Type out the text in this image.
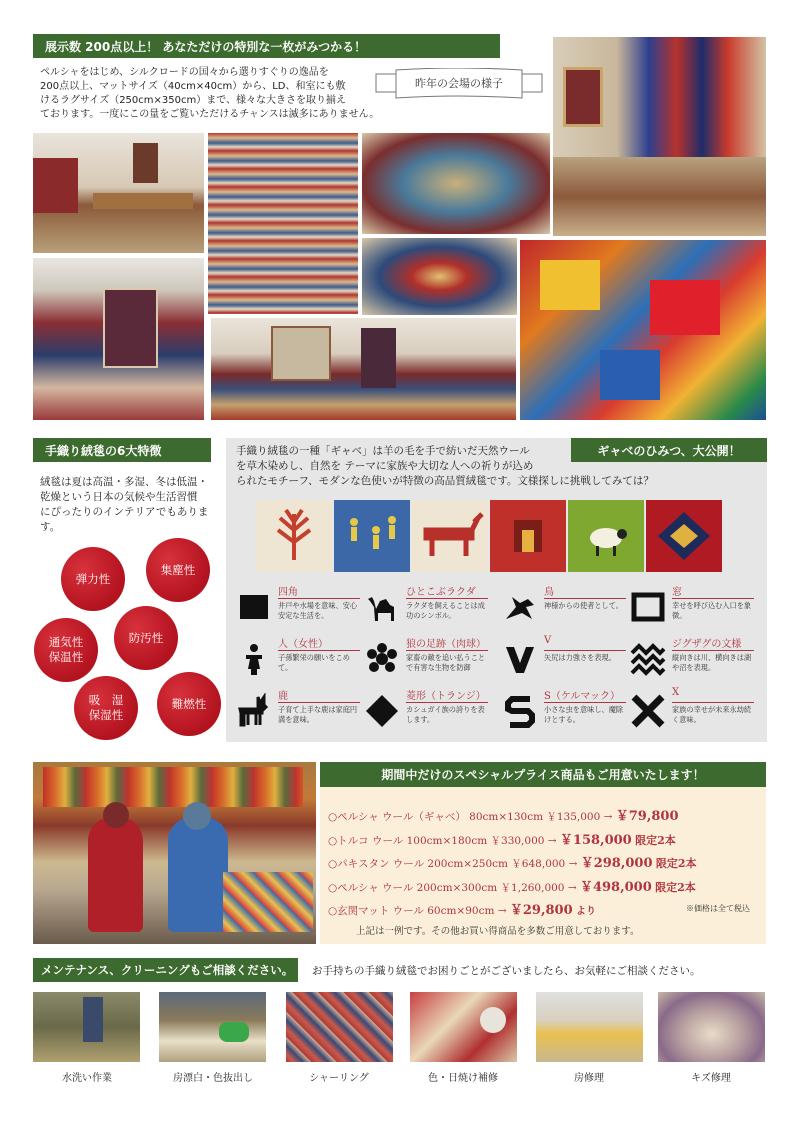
展示数 200点以上！ あなただけの特別な一枚がみつかる！
ペルシャをはじめ、シルクロードの国々から選りすぐりの逸品を
200点以上、マットサイズ（40cm×40cm）から、LD、和室にも敷
けるラグサイズ（250cm×350cm）まで、様々な大きさを取り揃え
ております。一度にこの量をご覧いただけるチャンスは滅多にありません。
昨年の会場の様子
手織り絨毯の6大特徴
絨毯は夏は高温・多湿、冬は低温・
乾燥という日本の気候や生活習慣
にぴったりのインテリアでもあります。
弾力性
集塵性
防汚性
通気性
保温性
吸　湿
保湿性
難燃性
手織り絨毯の一種「ギャベ」は羊の毛を手で紡いだ天然ウール
を草木染めし、自然を テーマに家族や大切な人への祈りが込め
られたモチーフ、モダンな色使いが特徴の高品質絨毯です。文様探しに挑戦してみては？
四角
井戸や水場を意味、安心安定な生活を。
ひとこぶラクダ
ラクダを飼えることは成功のシンボル。
鳥
神様からの使者として。
窓
幸せを呼び込む入口を象徴。
人（女性）
子孫繁栄の願いをこめて。
狼の足跡（肉球）
家畜の敵を追い払うことで有害な生物を防御
V
矢尻は力強さを表現。
ジグザグの文様
縦向きは川、横向きは湖や沼を表現。
鹿
子育て上手な鹿は家庭円満を意味。
菱形（トランジ）
カシュガイ族の誇りを表します。
S（ケルマック）
小さな虫を意味し、魔除けとする。
X
家族の幸せが未来永劫続く意味。
ギャベのひみつ、大公開！
期間中だけのスペシャルプライス商品もご用意いたします！
○ペルシャ ウール（ギャベ） 80cm×130cm ￥135,000 → ￥79,800
○トルコ ウール 100cm×180cm ￥330,000 → ￥158,000 限定2本
○パキスタン ウール 200cm×250cm ￥648,000 → ￥298,000 限定2本
○ペルシャ ウール 200cm×300cm ￥1,260,000 → ￥498,000 限定2本
○玄関マット ウール 60cm×90cm → ￥29,800 より	※価格は全て税込
上記は一例です。その他お買い得商品を多数ご用意しております。
メンテナンス、クリーニングもご相談ください。 お手持ちの手織り絨毯でお困りごとがございましたら、お気軽にご相談ください。
水洗い作業	房漂白・色抜出し	シャーリング	色・日焼け補修	房修理	キズ修理
